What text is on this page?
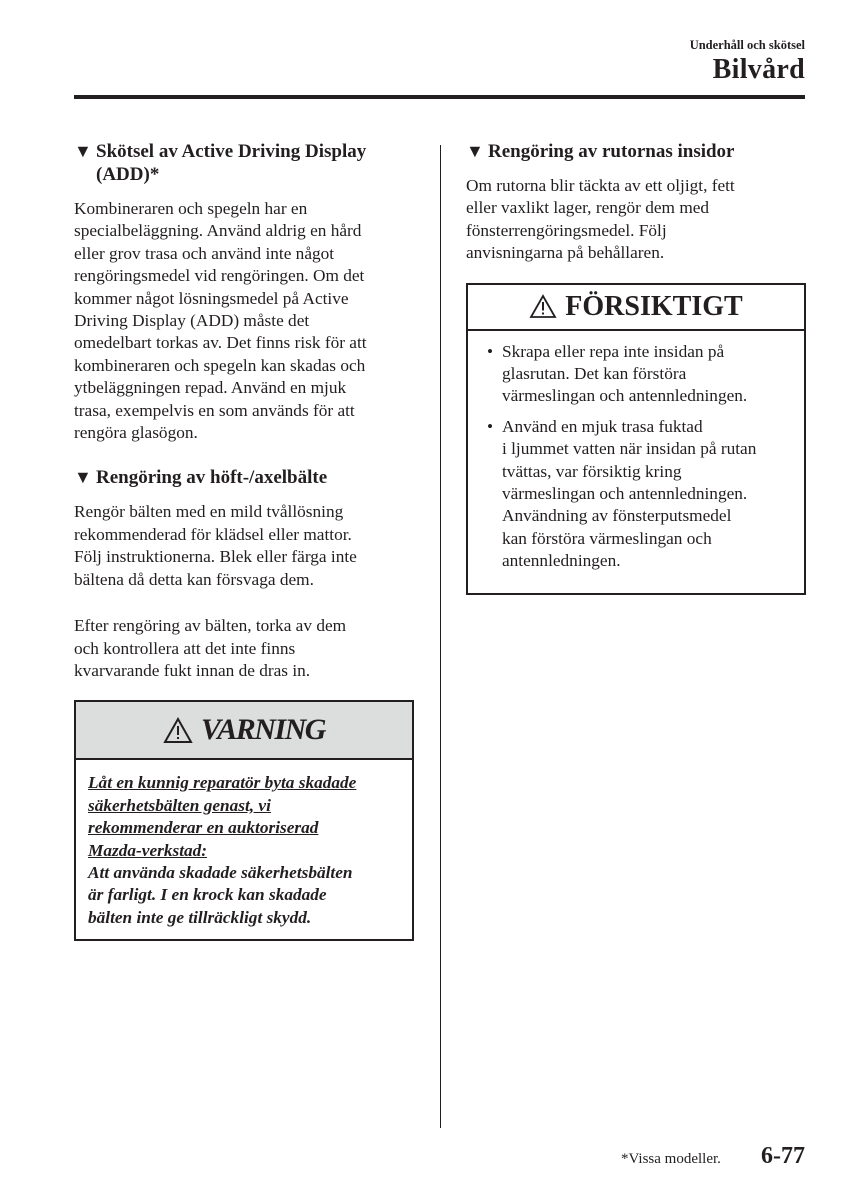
Underhåll och skötsel
Bilvård
▼ Skötsel av Active Driving Display (ADD)*
Kombineraren och spegeln har en
specialbeläggning. Använd aldrig en hård
eller grov trasa och använd inte något
rengöringsmedel vid rengöringen. Om det
kommer något lösningsmedel på Active
Driving Display (ADD) måste det
omedelbart torkas av. Det finns risk för att
kombineraren och spegeln kan skadas och
ytbeläggningen repad. Använd en mjuk
trasa, exempelvis en som används för att
rengöra glasögon.
▼ Rengöring av höft-/axelbälte
Rengör bälten med en mild tvållösning
rekommenderad för klädsel eller mattor.
Följ instruktionerna. Blek eller färga inte
bältena då detta kan försvaga dem.
Efter rengöring av bälten, torka av dem
och kontrollera att det inte finns
kvarvarande fukt innan de dras in.
VARNING
Låt en kunnig reparatör byta skadade
säkerhetsbälten genast, vi
rekommenderar en auktoriserad
Mazda-verkstad:
Att använda skadade säkerhetsbälten
är farligt. I en krock kan skadade
bälten inte ge tillräckligt skydd.
▼ Rengöring av rutornas insidor
Om rutorna blir täckta av ett oljigt, fett
eller vaxlikt lager, rengör dem med
fönsterrengöringsmedel. Följ
anvisningarna på behållaren.
FÖRSIKTIGT
• Skrapa eller repa inte insidan på
glasrutan. Det kan förstöra
värmeslingan och antennledningen.
• Använd en mjuk trasa fuktad
i ljummet vatten när insidan på rutan
tvättas, var försiktig kring
värmeslingan och antennledningen.
Användning av fönsterputsmedel
kan förstöra värmeslingan och
antennledningen.
*Vissa modeller. 6-77
